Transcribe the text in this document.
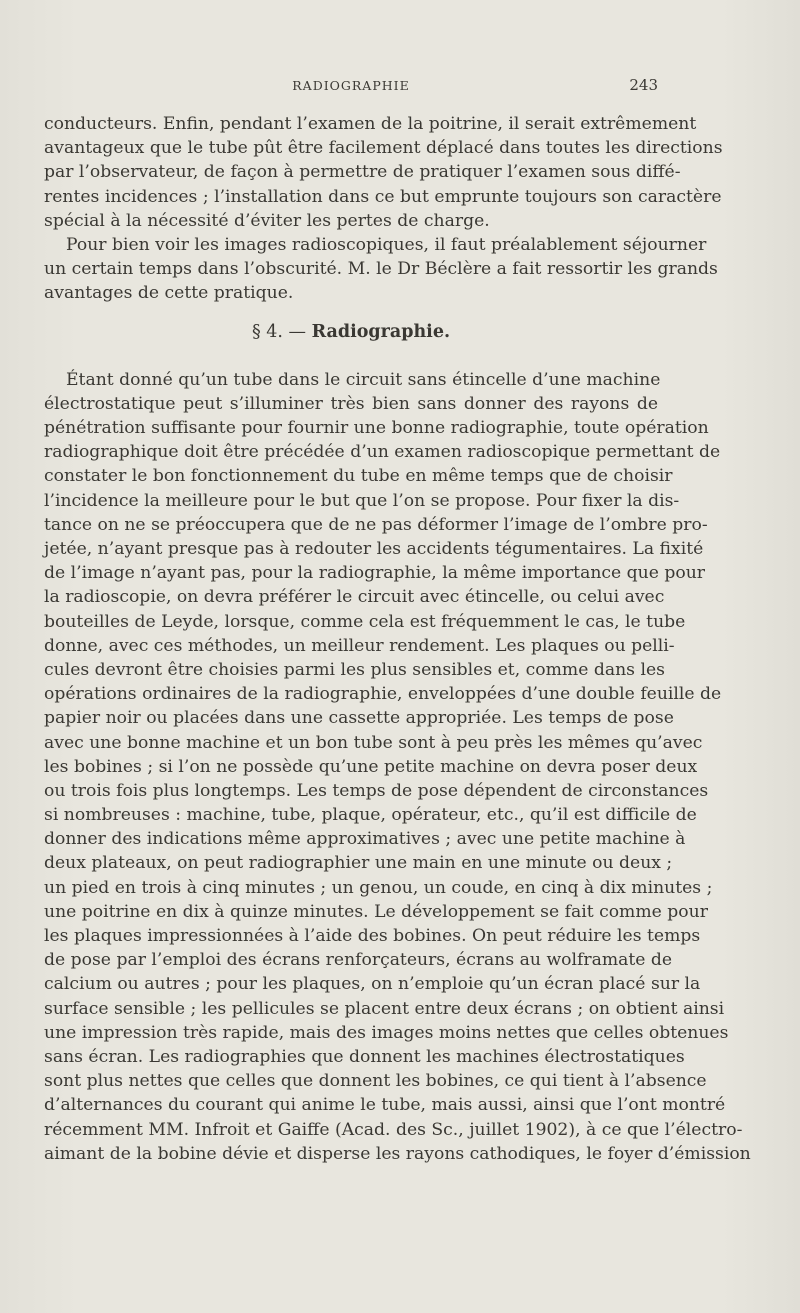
RADIOGRAPHIE	243
conducteurs. Enfin, pendant l’examen de la poitrine, il serait extrêmement
avantageux que le tube pût être facilement déplacé dans toutes les directions
par l’observateur, de façon à permettre de pratiquer l’examen sous diffé-
rentes incidences ; l’installation dans ce but emprunte toujours son caractère
spécial à la nécessité d’éviter les pertes de charge.
Pour bien voir les images radioscopiques, il faut préalablement séjourner
un certain temps dans l’obscurité. M. le Dr Béclère a fait ressortir les grands
avantages de cette pratique.
§ 4. — Radiographie.
Étant donné qu’un tube dans le circuit sans étincelle d’une machine
électrostatique peut s’illuminer très bien sans donner des rayons de
pénétration suffisante pour fournir une bonne radiographie, toute opération
radiographique doit être précédée d’un examen radioscopique permettant de
constater le bon fonctionnement du tube en même temps que de choisir
l’incidence la meilleure pour le but que l’on se propose. Pour fixer la dis-
tance on ne se préoccupera que de ne pas déformer l’image de l’ombre pro-
jetée, n’ayant presque pas à redouter les accidents tégumentaires. La fixité
de l’image n’ayant pas, pour la radiographie, la même importance que pour
la radioscopie, on devra préférer le circuit avec étincelle, ou celui avec
bouteilles de Leyde, lorsque, comme cela est fréquemment le cas, le tube
donne, avec ces méthodes, un meilleur rendement. Les plaques ou pelli-
cules devront être choisies parmi les plus sensibles et, comme dans les
opérations ordinaires de la radiographie, enveloppées d’une double feuille de
papier noir ou placées dans une cassette appropriée. Les temps de pose
avec une bonne machine et un bon tube sont à peu près les mêmes qu’avec
les bobines ; si l’on ne possède qu’une petite machine on devra poser deux
ou trois fois plus longtemps. Les temps de pose dépendent de circonstances
si nombreuses : machine, tube, plaque, opérateur, etc., qu’il est difficile de
donner des indications même approximatives ; avec une petite machine à
deux plateaux, on peut radiographier une main en une minute ou deux ;
un pied en trois à cinq minutes ; un genou, un coude, en cinq à dix minutes ;
une poitrine en dix à quinze minutes. Le développement se fait comme pour
les plaques impressionnées à l’aide des bobines. On peut réduire les temps
de pose par l’emploi des écrans renforçateurs, écrans au wolframate de
calcium ou autres ; pour les plaques, on n’emploie qu’un écran placé sur la
surface sensible ; les pellicules se placent entre deux écrans ; on obtient ainsi
une impression très rapide, mais des images moins nettes que celles obtenues
sans écran. Les radiographies que donnent les machines électrostatiques
sont plus nettes que celles que donnent les bobines, ce qui tient à l’absence
d’alternances du courant qui anime le tube, mais aussi, ainsi que l’ont montré
récemment MM. Infroit et Gaiffe (Acad. des Sc., juillet 1902), à ce que l’électro-
aimant de la bobine dévie et disperse les rayons cathodiques, le foyer d’émission
